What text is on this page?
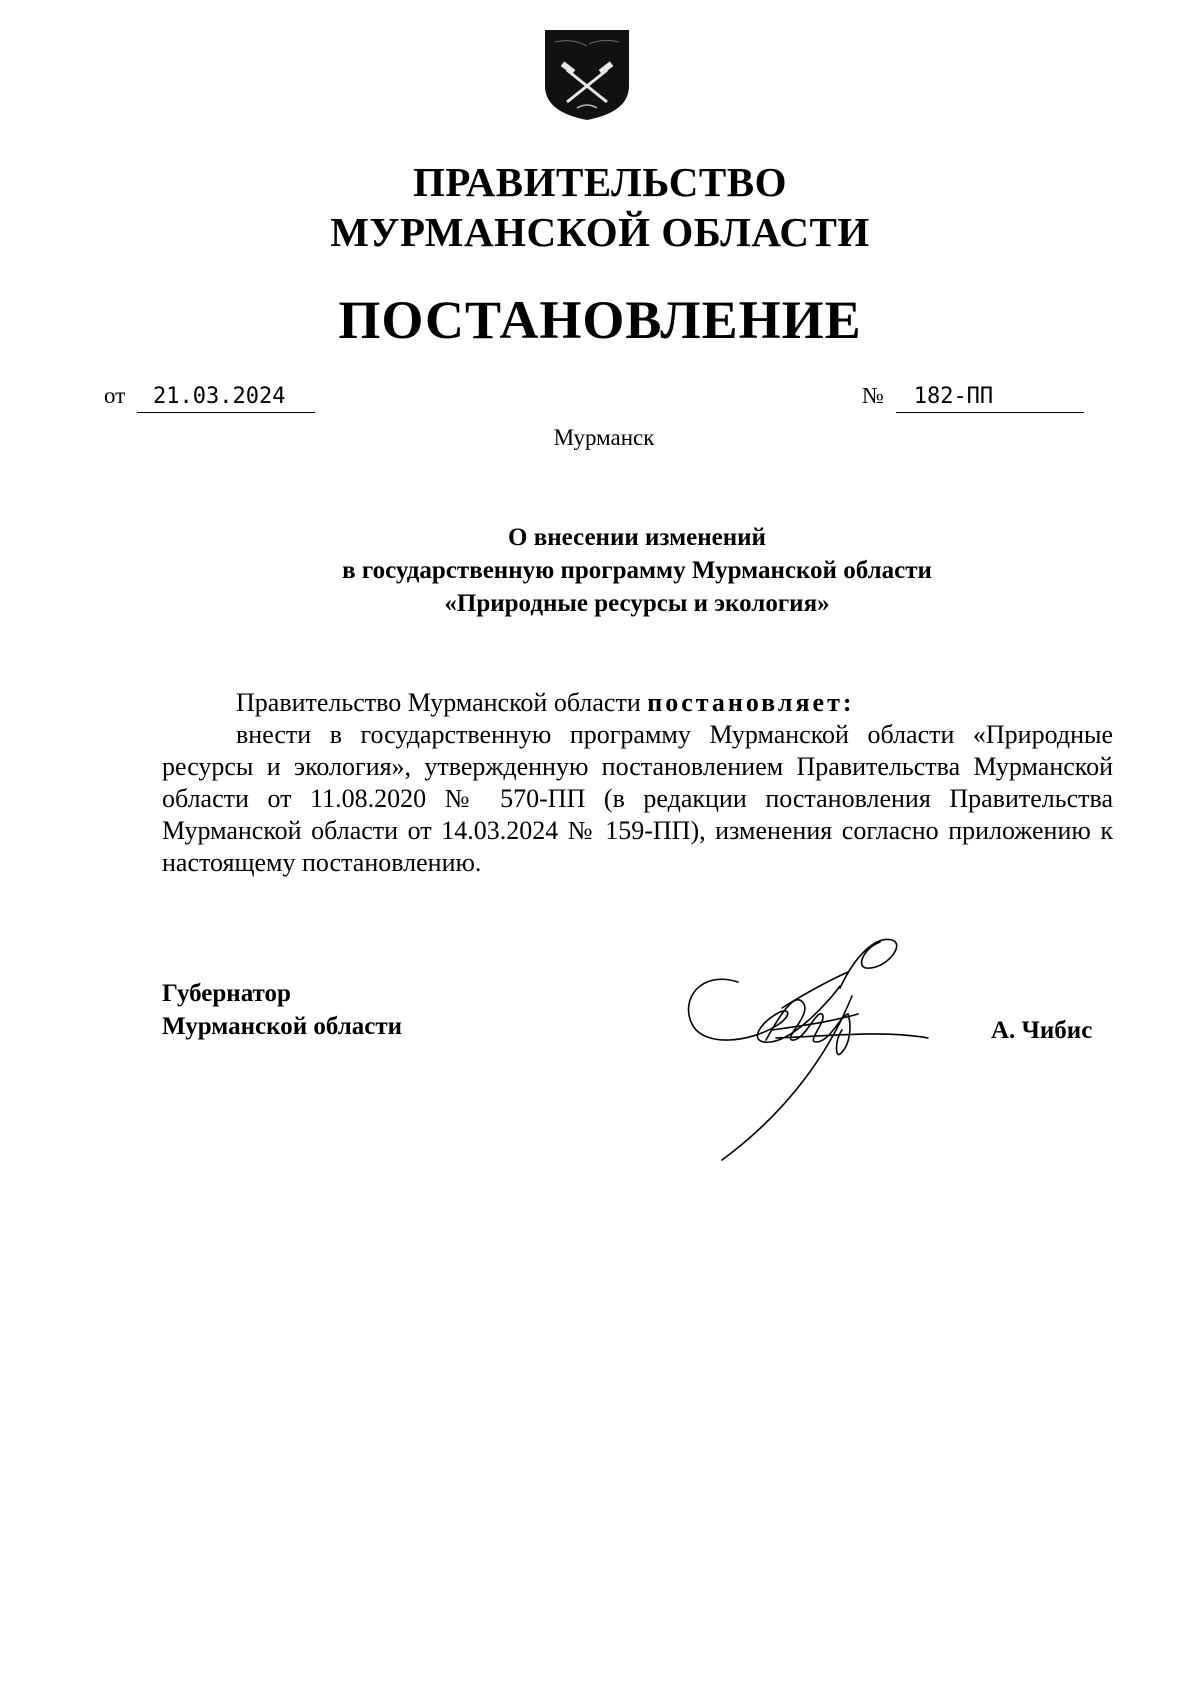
ПРАВИТЕЛЬСТВО
МУРМАНСКОЙ ОБЛАСТИ
ПОСТАНОВЛЕНИЕ
от 21.03.2024	№ 182-ПП
Мурманск
О внесении изменений
в государственную программу Мурманской области
«Природные ресурсы и экология»

Правительство Мурманской области постановляет:

внести в государственную программу Мурманской области «Природные ресурсы и экология», утвержденную постановлением Правительства Мурманской области от 11.08.2020 № 570-ПП (в редакции постановления Правительства Мурманской области от 14.03.2024 № 159-ПП), изменения согласно приложению к настоящему постановлению.

Губернатор
Мурманской области	А. Чибис
